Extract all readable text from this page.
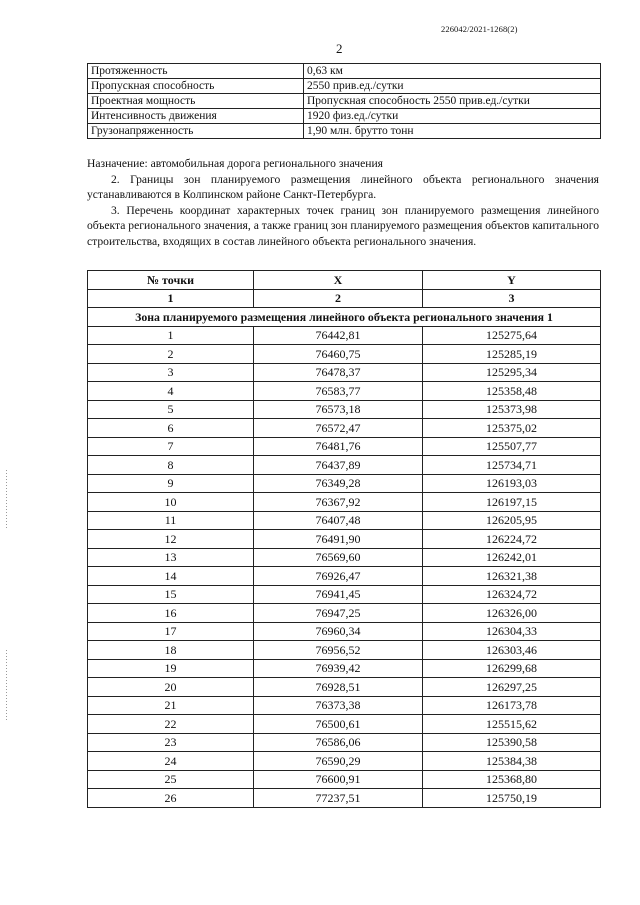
226042/2021-1268(2)
2
Протяженность	0,63 км
Пропускная способность	2550 прив.ед./сутки
Проектная мощность	Пропускная способность 2550 прив.ед./сутки
Интенсивность движения	1920 физ.ед./сутки
Грузонапряженность	1,90 млн. брутто тонн

Назначение: автомобильная дорога регионального значения

2. Границы зон планируемого размещения линейного объекта регионального значения устанавливаются в Колпинском районе Санкт-Петербурга.

3. Перечень координат характерных точек границ зон планируемого размещения линейного объекта регионального значения, а также границ зон планируемого размещения объектов капитального строительства, входящих в состав линейного объекта регионального значения.

№ точки	X	Y
1	2	3
Зона планируемого размещения линейного объекта регионального значения 1		
1	76442,81	125275,64
2	76460,75	125285,19
3	76478,37	125295,34
4	76583,77	125358,48
5	76573,18	125373,98
6	76572,47	125375,02
7	76481,76	125507,77
8	76437,89	125734,71
9	76349,28	126193,03
10	76367,92	126197,15
11	76407,48	126205,95
12	76491,90	126224,72
13	76569,60	126242,01
14	76926,47	126321,38
15	76941,45	126324,72
16	76947,25	126326,00
17	76960,34	126304,33
18	76956,52	126303,46
19	76939,42	126299,68
20	76928,51	126297,25
21	76373,38	126173,78
22	76500,61	125515,62
23	76586,06	125390,58
24	76590,29	125384,38
25	76600,91	125368,80
26	77237,51	125750,19
